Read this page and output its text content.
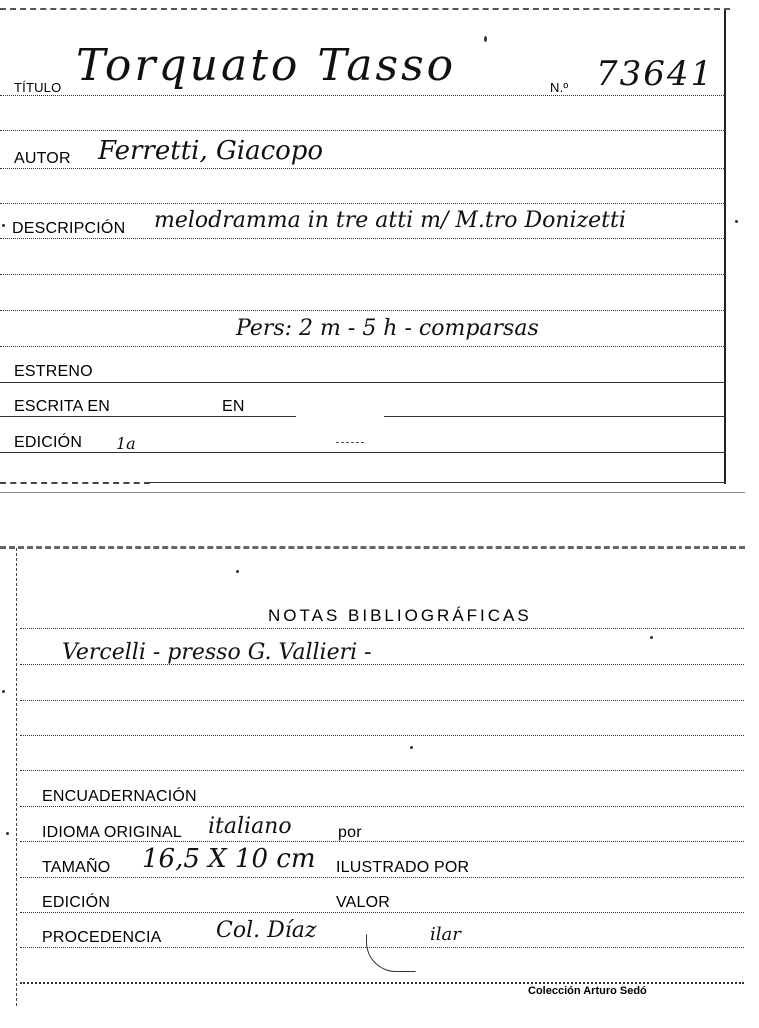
TÍTULO Torquato Tasso	N.º 73641
AUTOR Ferretti, Giacopo
DESCRIPCIÓN melodramma in tre atti m/ M.tro Donizetti
Pers: 2 m - 5 h - comparsas
ESTRENO
ESCRITA EN	EN
EDICIÓN 1a
NOTAS BIBLIOGRÁFICAS
Vercelli - presso G. Vallieri -
ENCUADERNACIÓN
IDIOMA ORIGINAL italiano	por
TAMAÑO 16,5 X 10 cm ILUSTRADO POR
EDICIÓN	VALOR
PROCEDENCIA Col. Díaz	ilar
Colección Arturo Sedó
